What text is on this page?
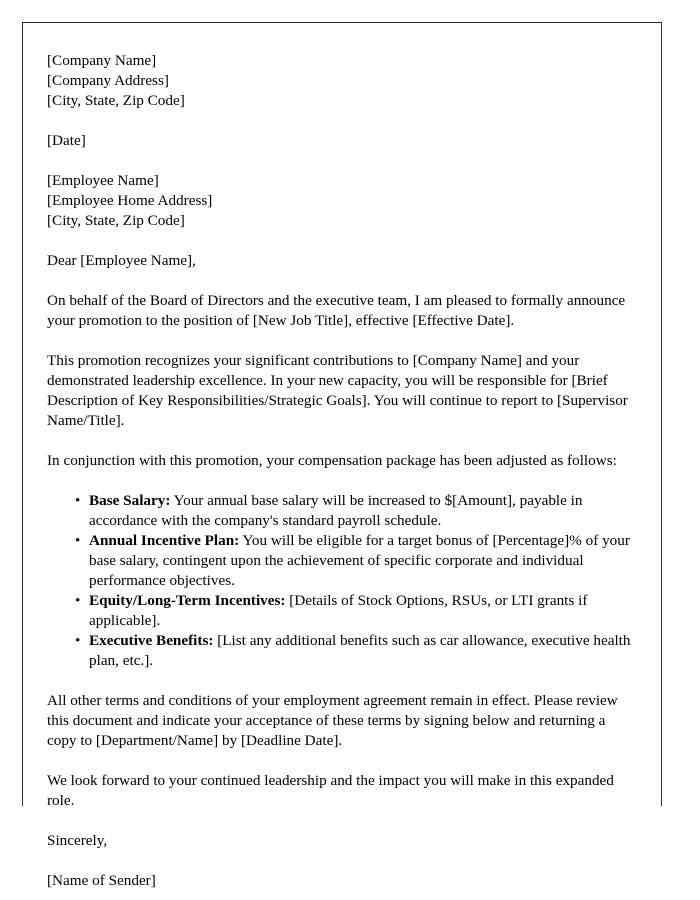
[Company Name]
[Company Address]
[City, State, Zip Code]
[Date]
[Employee Name]
[Employee Home Address]
[City, State, Zip Code]

Dear [Employee Name],

On behalf of the Board of Directors and the executive team, I am pleased to formally announce your promotion to the position of [New Job Title], effective [Effective Date].

This promotion recognizes your significant contributions to [Company Name] and your demonstrated leadership excellence. In your new capacity, you will be responsible for [Brief Description of Key Responsibilities/Strategic Goals]. You will continue to report to [Supervisor Name/Title].

In conjunction with this promotion, your compensation package has been adjusted as follows:

• Base Salary: Your annual base salary will be increased to $[Amount], payable in accordance with the company's standard payroll schedule.
• Annual Incentive Plan: You will be eligible for a target bonus of [Percentage]% of your base salary, contingent upon the achievement of specific corporate and individual performance objectives.
• Equity/Long-Term Incentives: [Details of Stock Options, RSUs, or LTI grants if applicable].
• Executive Benefits: [List any additional benefits such as car allowance, executive health plan, etc.].

All other terms and conditions of your employment agreement remain in effect. Please review this document and indicate your acceptance of these terms by signing below and returning a copy to [Department/Name] by [Deadline Date].

We look forward to your continued leadership and the impact you will make in this expanded role.

Sincerely,

[Name of Sender]
